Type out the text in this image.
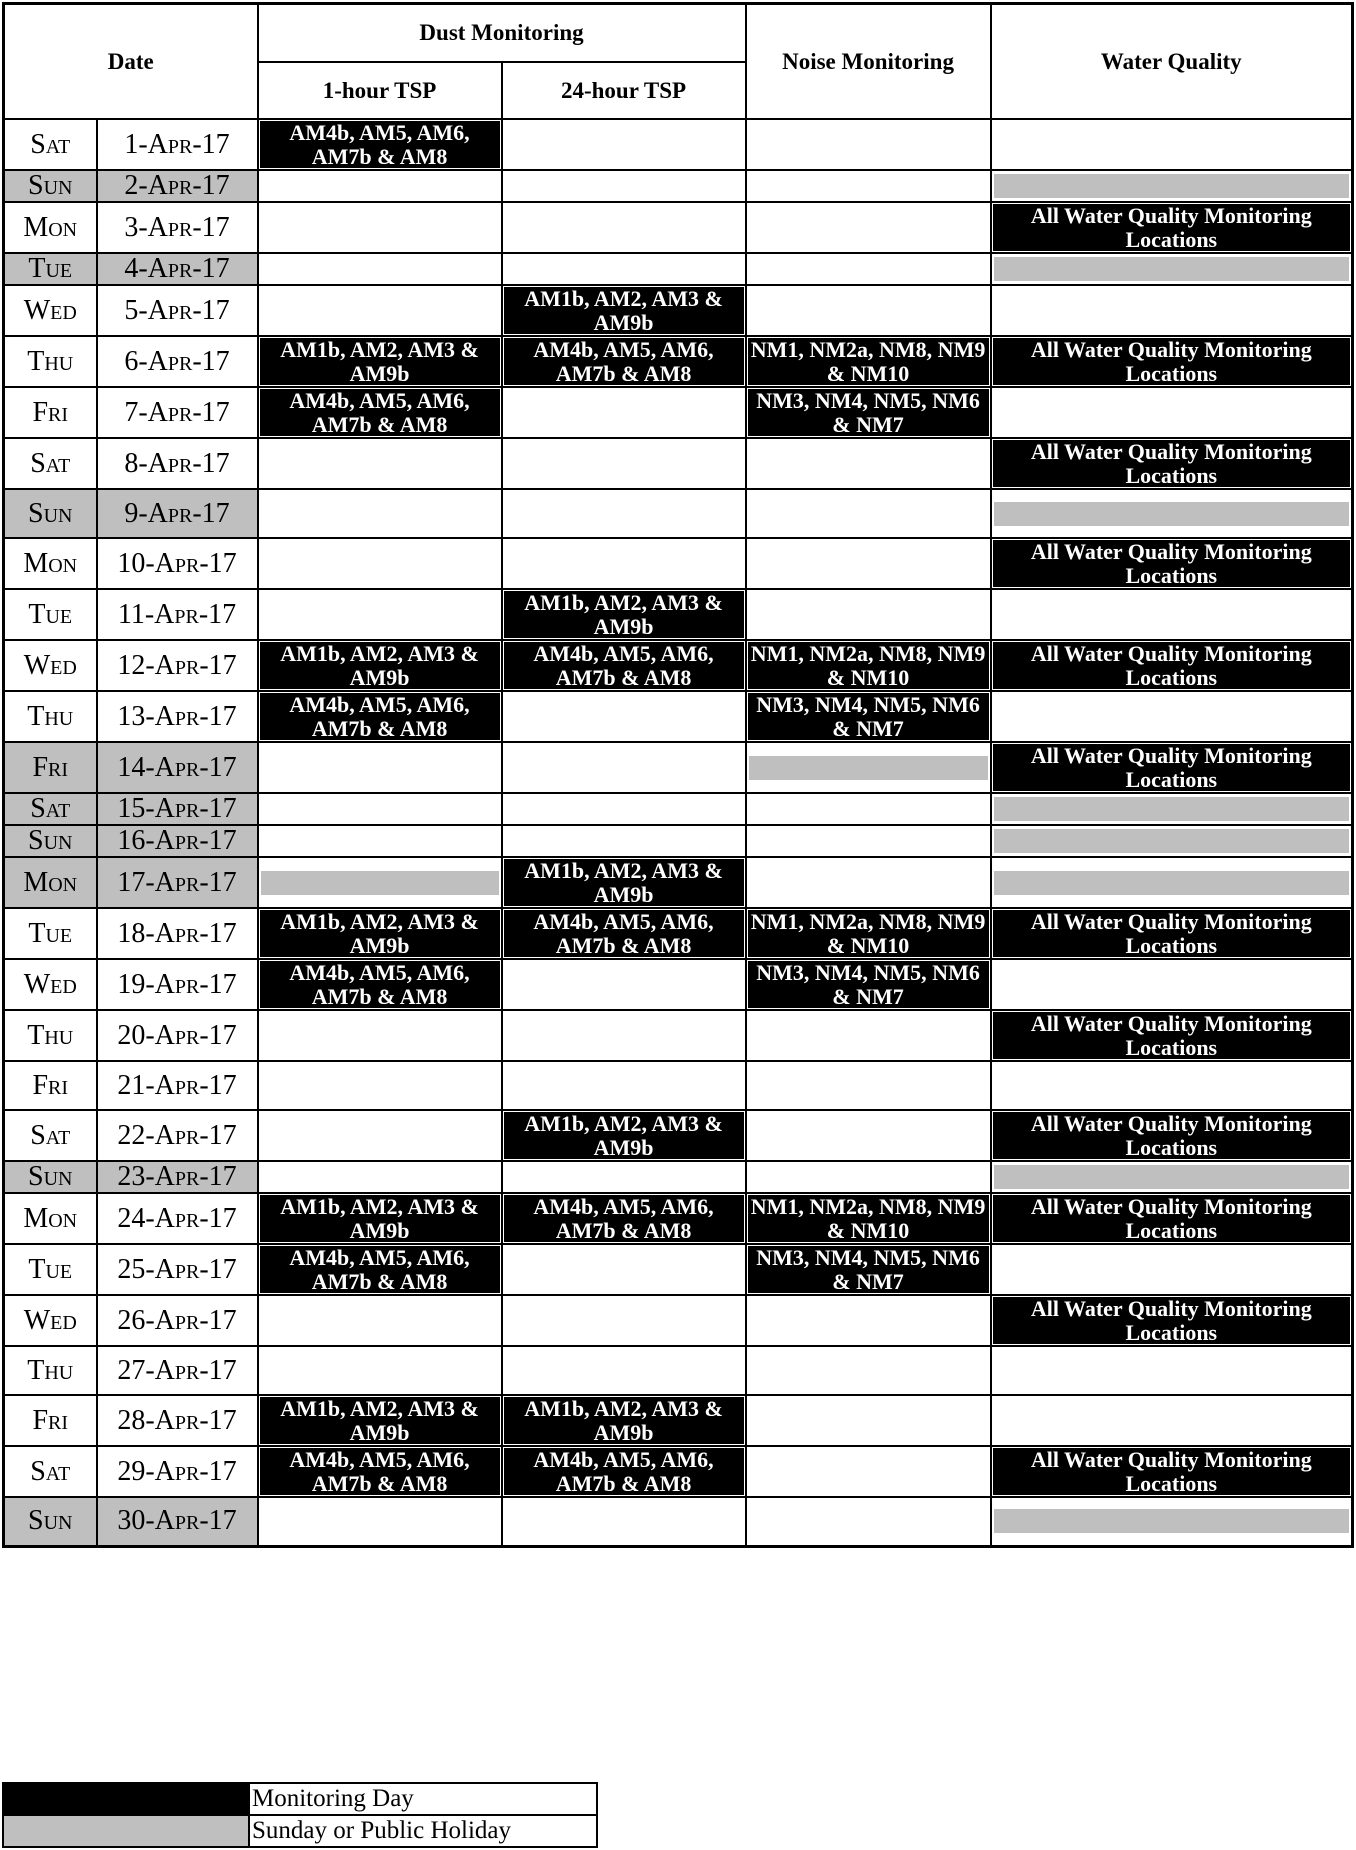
Date		Dust Monitoring		Noise Monitoring	Water Quality
		1-hour TSP	24-hour TSP		
Sat	1-Apr-17	AM4b, AM5, AM6, AM7b & AM8			

Sun	2-Apr-17				

Mon	3-Apr-17				All Water Quality Monitoring Locations

Tue	4-Apr-17				

Wed	5-Apr-17		AM1b, AM2, AM3 & AM9b		

Thu	6-Apr-17	AM1b, AM2, AM3 & AM9b	AM4b, AM5, AM6, AM7b & AM8	NM1, NM2a, NM8, NM9 & NM10	All Water Quality Monitoring Locations

Fri	7-Apr-17	AM4b, AM5, AM6, AM7b & AM8		NM3, NM4, NM5, NM6 & NM7	

Sat	8-Apr-17				All Water Quality Monitoring Locations

Sun	9-Apr-17				

Mon	10-Apr-17				All Water Quality Monitoring Locations

Tue	11-Apr-17		AM1b, AM2, AM3 & AM9b		

Wed	12-Apr-17	AM1b, AM2, AM3 & AM9b	AM4b, AM5, AM6, AM7b & AM8	NM1, NM2a, NM8, NM9 & NM10	All Water Quality Monitoring Locations

Thu	13-Apr-17	AM4b, AM5, AM6, AM7b & AM8		NM3, NM4, NM5, NM6 & NM7	

Fri	14-Apr-17				All Water Quality Monitoring Locations

Sat	15-Apr-17				

Sun	16-Apr-17				

Mon	17-Apr-17		AM1b, AM2, AM3 & AM9b		

Tue	18-Apr-17	AM1b, AM2, AM3 & AM9b	AM4b, AM5, AM6, AM7b & AM8	NM1, NM2a, NM8, NM9 & NM10	All Water Quality Monitoring Locations

Wed	19-Apr-17	AM4b, AM5, AM6, AM7b & AM8		NM3, NM4, NM5, NM6 & NM7	

Thu	20-Apr-17				All Water Quality Monitoring Locations

Fri	21-Apr-17				
Sat	22-Apr-17		AM1b, AM2, AM3 & AM9b		All Water Quality Monitoring Locations

Sun	23-Apr-17				

Mon	24-Apr-17	AM1b, AM2, AM3 & AM9b	AM4b, AM5, AM6, AM7b & AM8	NM1, NM2a, NM8, NM9 & NM10	All Water Quality Monitoring Locations

Tue	25-Apr-17	AM4b, AM5, AM6, AM7b & AM8		NM3, NM4, NM5, NM6 & NM7	

Wed	26-Apr-17				All Water Quality Monitoring Locations

Thu	27-Apr-17				
Fri	28-Apr-17	AM1b, AM2, AM3 & AM9b	AM1b, AM2, AM3 & AM9b		

Sat	29-Apr-17	AM4b, AM5, AM6, AM7b & AM8	AM4b, AM5, AM6, AM7b & AM8		All Water Quality Monitoring Locations

Sun	30-Apr-17				
	Monitoring Day
	Sunday or Public Holiday
